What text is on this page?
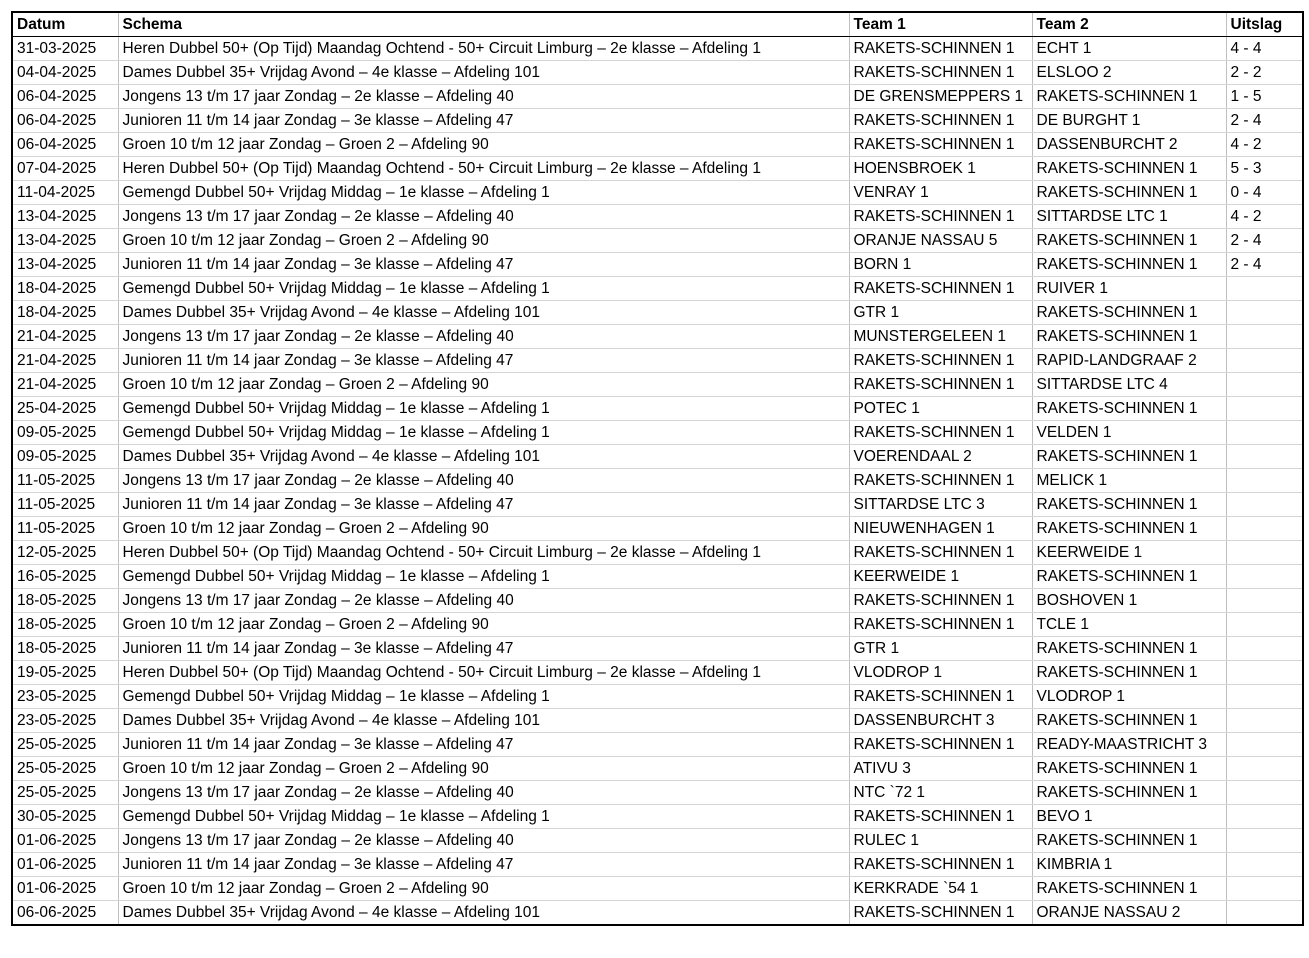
Datum	Schema	Team 1	Team 2	Uitslag
31-03-2025	Heren Dubbel 50+ (Op Tijd) Maandag Ochtend - 50+ Circuit Limburg – 2e klasse – Afdeling 1	RAKETS-SCHINNEN 1	ECHT 1	4 - 4
04-04-2025	Dames Dubbel 35+ Vrijdag Avond – 4e klasse – Afdeling 101	RAKETS-SCHINNEN 1	ELSLOO 2	2 - 2
06-04-2025	Jongens 13 t/m 17 jaar Zondag – 2e klasse – Afdeling 40	DE GRENSMEPPERS 1	RAKETS-SCHINNEN 1	1 - 5
06-04-2025	Junioren 11 t/m 14 jaar Zondag – 3e klasse – Afdeling 47	RAKETS-SCHINNEN 1	DE BURGHT 1	2 - 4
06-04-2025	Groen 10 t/m 12 jaar Zondag – Groen 2 – Afdeling 90	RAKETS-SCHINNEN 1	DASSENBURCHT 2	4 - 2
07-04-2025	Heren Dubbel 50+ (Op Tijd) Maandag Ochtend - 50+ Circuit Limburg – 2e klasse – Afdeling 1	HOENSBROEK 1	RAKETS-SCHINNEN 1	5 - 3
11-04-2025	Gemengd Dubbel 50+ Vrijdag Middag – 1e klasse – Afdeling 1	VENRAY 1	RAKETS-SCHINNEN 1	0 - 4
13-04-2025	Jongens 13 t/m 17 jaar Zondag – 2e klasse – Afdeling 40	RAKETS-SCHINNEN 1	SITTARDSE LTC 1	4 - 2
13-04-2025	Groen 10 t/m 12 jaar Zondag – Groen 2 – Afdeling 90	ORANJE NASSAU 5	RAKETS-SCHINNEN 1	2 - 4
13-04-2025	Junioren 11 t/m 14 jaar Zondag – 3e klasse – Afdeling 47	BORN 1	RAKETS-SCHINNEN 1	2 - 4
18-04-2025	Gemengd Dubbel 50+ Vrijdag Middag – 1e klasse – Afdeling 1	RAKETS-SCHINNEN 1	RUIVER 1	
18-04-2025	Dames Dubbel 35+ Vrijdag Avond – 4e klasse – Afdeling 101	GTR 1	RAKETS-SCHINNEN 1	
21-04-2025	Jongens 13 t/m 17 jaar Zondag – 2e klasse – Afdeling 40	MUNSTERGELEEN 1	RAKETS-SCHINNEN 1	
21-04-2025	Junioren 11 t/m 14 jaar Zondag – 3e klasse – Afdeling 47	RAKETS-SCHINNEN 1	RAPID-LANDGRAAF 2	
21-04-2025	Groen 10 t/m 12 jaar Zondag – Groen 2 – Afdeling 90	RAKETS-SCHINNEN 1	SITTARDSE LTC 4	
25-04-2025	Gemengd Dubbel 50+ Vrijdag Middag – 1e klasse – Afdeling 1	POTEC 1	RAKETS-SCHINNEN 1	
09-05-2025	Gemengd Dubbel 50+ Vrijdag Middag – 1e klasse – Afdeling 1	RAKETS-SCHINNEN 1	VELDEN 1	
09-05-2025	Dames Dubbel 35+ Vrijdag Avond – 4e klasse – Afdeling 101	VOERENDAAL 2	RAKETS-SCHINNEN 1	
11-05-2025	Jongens 13 t/m 17 jaar Zondag – 2e klasse – Afdeling 40	RAKETS-SCHINNEN 1	MELICK 1	
11-05-2025	Junioren 11 t/m 14 jaar Zondag – 3e klasse – Afdeling 47	SITTARDSE LTC 3	RAKETS-SCHINNEN 1	
11-05-2025	Groen 10 t/m 12 jaar Zondag – Groen 2 – Afdeling 90	NIEUWENHAGEN 1	RAKETS-SCHINNEN 1	
12-05-2025	Heren Dubbel 50+ (Op Tijd) Maandag Ochtend - 50+ Circuit Limburg – 2e klasse – Afdeling 1	RAKETS-SCHINNEN 1	KEERWEIDE 1	
16-05-2025	Gemengd Dubbel 50+ Vrijdag Middag – 1e klasse – Afdeling 1	KEERWEIDE 1	RAKETS-SCHINNEN 1	
18-05-2025	Jongens 13 t/m 17 jaar Zondag – 2e klasse – Afdeling 40	RAKETS-SCHINNEN 1	BOSHOVEN 1	
18-05-2025	Groen 10 t/m 12 jaar Zondag – Groen 2 – Afdeling 90	RAKETS-SCHINNEN 1	TCLE 1	
18-05-2025	Junioren 11 t/m 14 jaar Zondag – 3e klasse – Afdeling 47	GTR 1	RAKETS-SCHINNEN 1	
19-05-2025	Heren Dubbel 50+ (Op Tijd) Maandag Ochtend - 50+ Circuit Limburg – 2e klasse – Afdeling 1	VLODROP 1	RAKETS-SCHINNEN 1	
23-05-2025	Gemengd Dubbel 50+ Vrijdag Middag – 1e klasse – Afdeling 1	RAKETS-SCHINNEN 1	VLODROP 1	
23-05-2025	Dames Dubbel 35+ Vrijdag Avond – 4e klasse – Afdeling 101	DASSENBURCHT 3	RAKETS-SCHINNEN 1	
25-05-2025	Junioren 11 t/m 14 jaar Zondag – 3e klasse – Afdeling 47	RAKETS-SCHINNEN 1	READY-MAASTRICHT 3	
25-05-2025	Groen 10 t/m 12 jaar Zondag – Groen 2 – Afdeling 90	ATIVU 3	RAKETS-SCHINNEN 1	
25-05-2025	Jongens 13 t/m 17 jaar Zondag – 2e klasse – Afdeling 40	NTC `72 1	RAKETS-SCHINNEN 1	
30-05-2025	Gemengd Dubbel 50+ Vrijdag Middag – 1e klasse – Afdeling 1	RAKETS-SCHINNEN 1	BEVO 1	
01-06-2025	Jongens 13 t/m 17 jaar Zondag – 2e klasse – Afdeling 40	RULEC 1	RAKETS-SCHINNEN 1	
01-06-2025	Junioren 11 t/m 14 jaar Zondag – 3e klasse – Afdeling 47	RAKETS-SCHINNEN 1	KIMBRIA 1	
01-06-2025	Groen 10 t/m 12 jaar Zondag – Groen 2 – Afdeling 90	KERKRADE `54 1	RAKETS-SCHINNEN 1	
06-06-2025	Dames Dubbel 35+ Vrijdag Avond – 4e klasse – Afdeling 101	RAKETS-SCHINNEN 1	ORANJE NASSAU 2	
